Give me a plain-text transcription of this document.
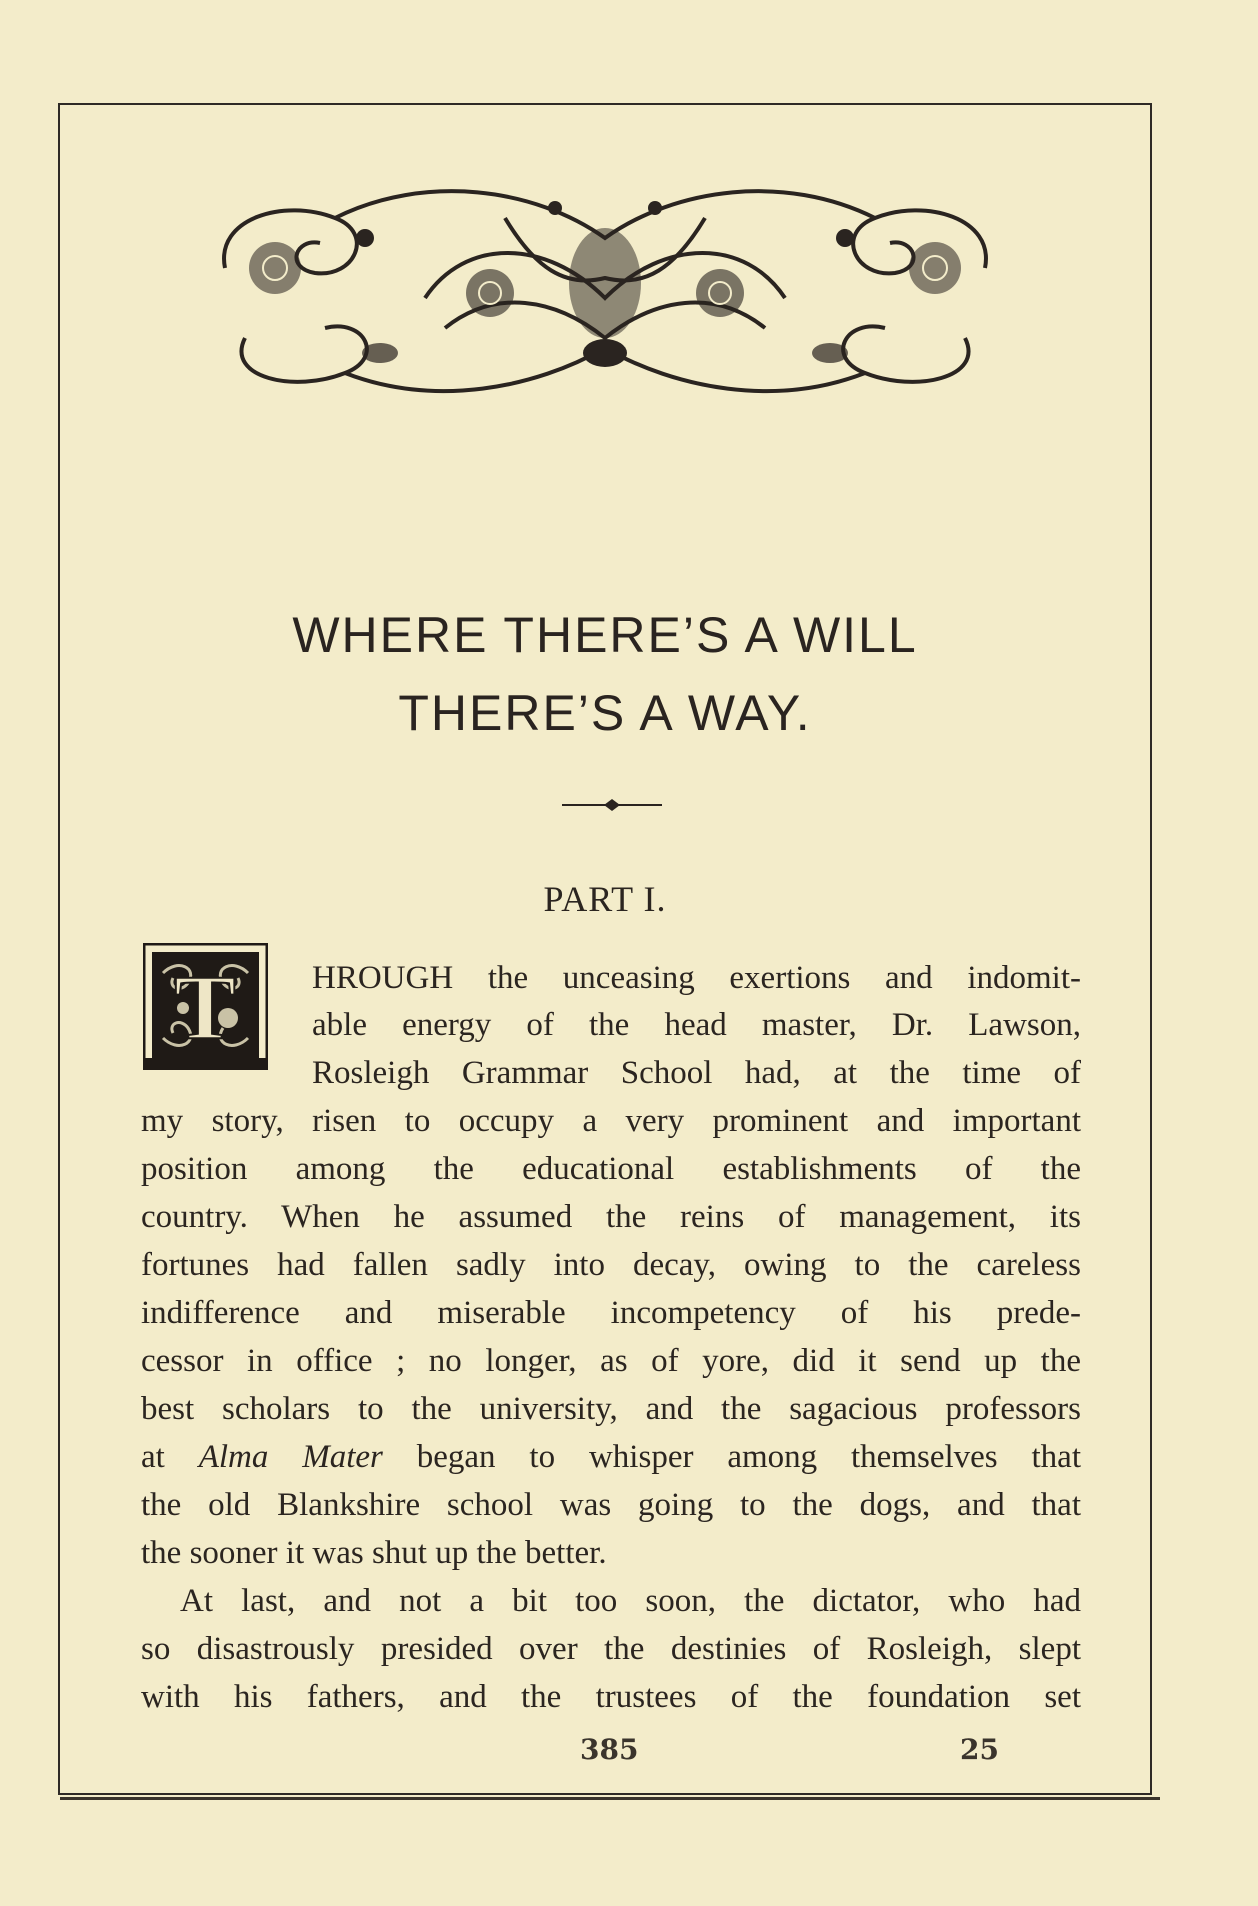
WHERE THERE’S A WILL
THERE’S A WAY.
PART I.
T HROUGH the unceasing exertions and indomit-
able energy of the head master, Dr. Lawson,
Rosleigh Grammar School had, at the time of
my story, risen to occupy a very prominent and important
position among the educational establishments of the
country. When he assumed the reins of management, its
fortunes had fallen sadly into decay, owing to the careless
indifference and miserable incompetency of his prede-
cessor in office ; no longer, as of yore, did it send up the
best scholars to the university, and the sagacious professors
at Alma Mater began to whisper among themselves that
the old Blankshire school was going to the dogs, and that
the sooner it was shut up the better.
At last, and not a bit too soon, the dictator, who had
so disastrously presided over the destinies of Rosleigh, slept
with his fathers, and the trustees of the foundation set
385	25
